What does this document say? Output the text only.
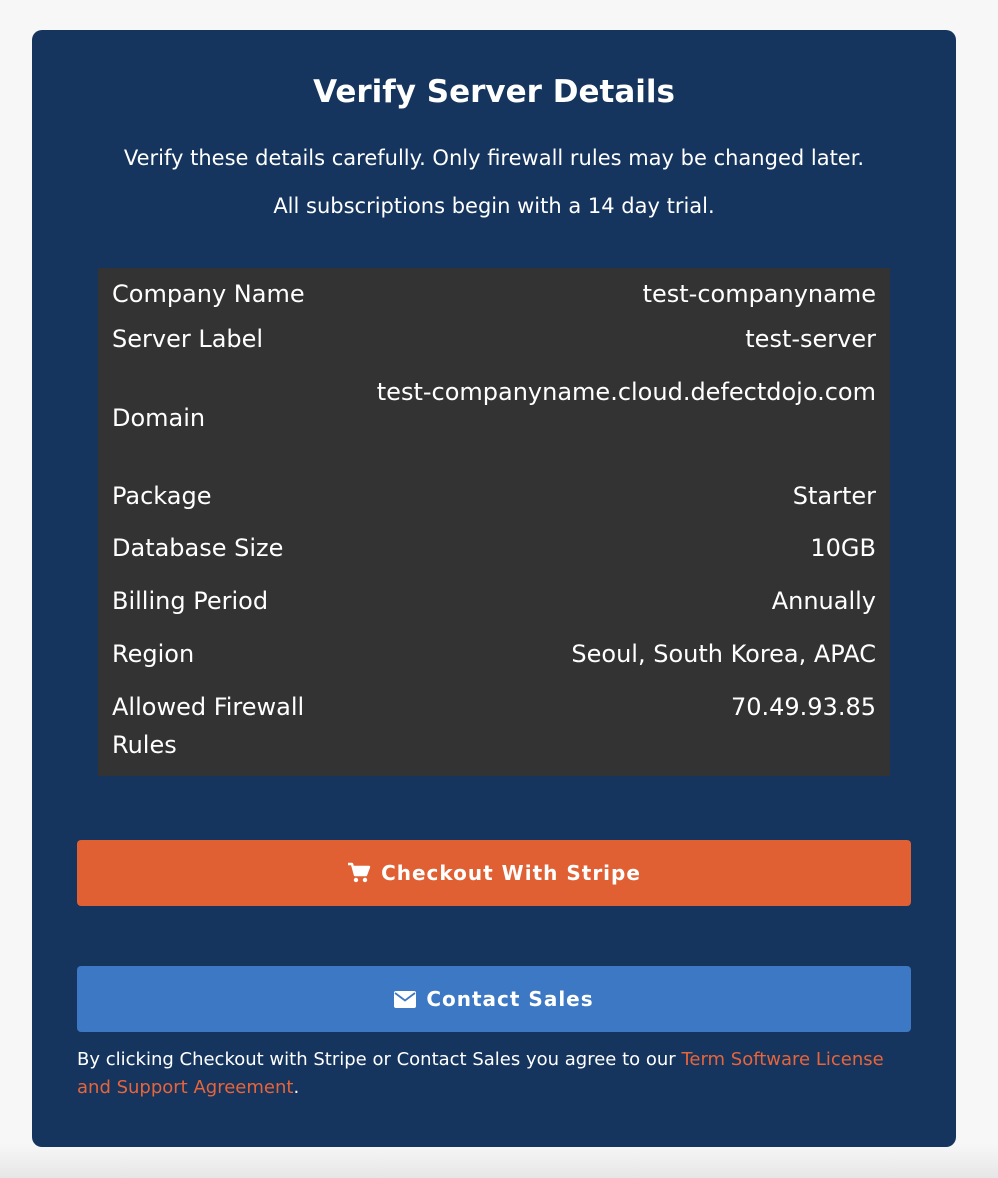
Verify Server Details

Verify these details carefully. Only firewall rules may be changed later.

All subscriptions begin with a 14 day trial.

Company Name	test-companyname
Server Label	test-server
Domain	test-companyname.cloud.defectdojo.com
Package	Starter
Database Size	10GB
Billing Period	Annually
Region	Seoul, South Korea, APAC
Allowed Firewall Rules	70.49.93.85
Checkout With Stripe
Contact Sales

By clicking Checkout with Stripe or Contact Sales you agree to our Term Software License and Support Agreement.
